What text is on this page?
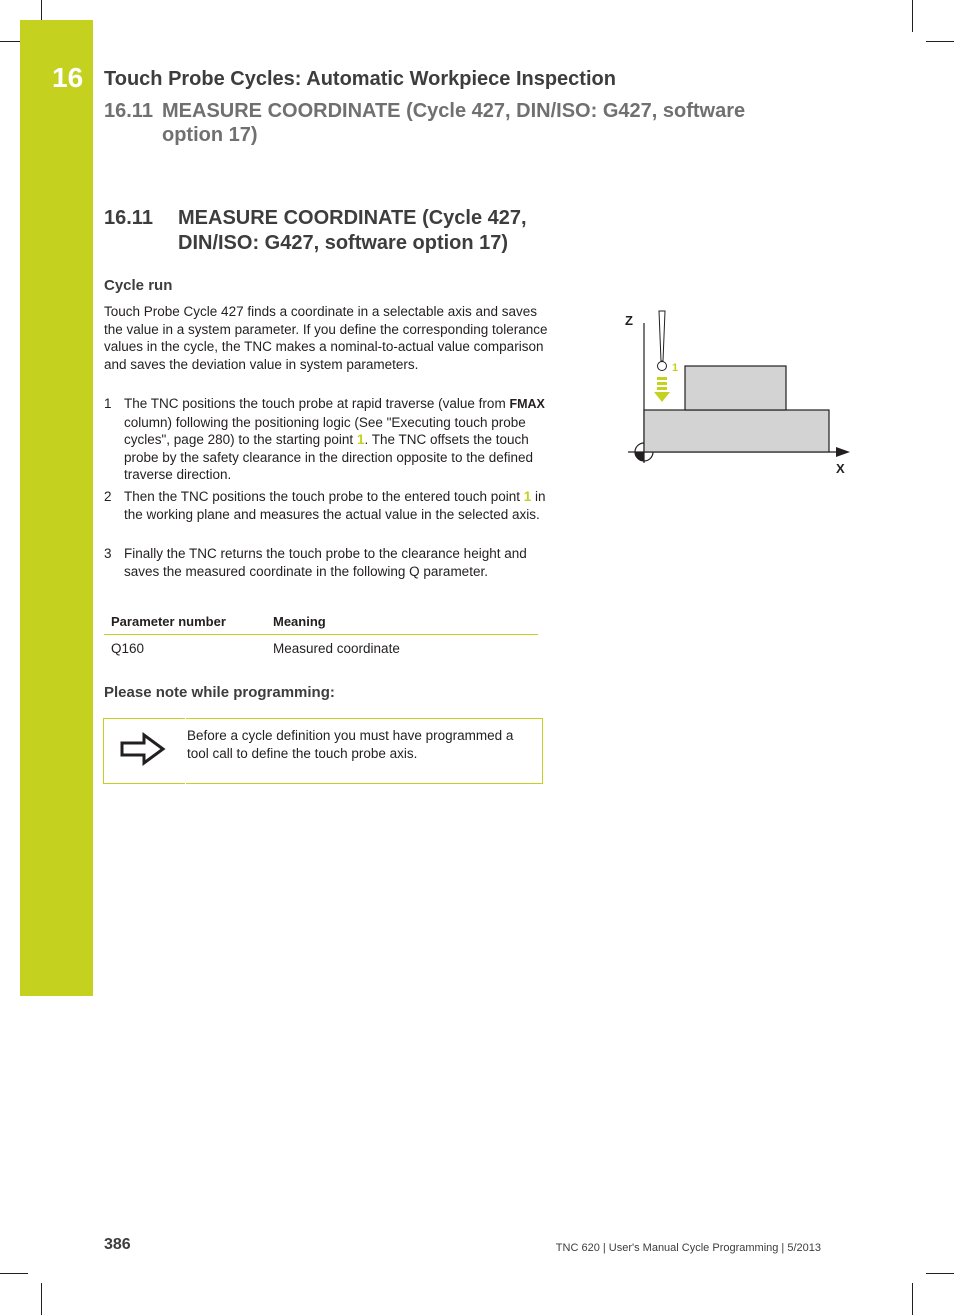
16 Touch Probe Cycles: Automatic Workpiece Inspection
16.11 MEASURE COORDINATE (Cycle 427, DIN/ISO: G427, software
option 17)
16.11 MEASURE COORDINATE (Cycle 427,
DIN/ISO: G427, software option 17)
Cycle run
Touch Probe Cycle 427 finds a coordinate in a selectable axis and saves the value in a system parameter. If you define the corresponding tolerance values in the cycle, the TNC makes a nominal-to-actual value comparison and saves the deviation value in system parameters.
1 The TNC positions the touch probe at rapid traverse (value from FMAX column) following the positioning logic (See "Executing touch probe cycles", page 280) to the starting point 1. The TNC offsets the touch probe by the safety clearance in the direction opposite to the defined traverse direction.
2 Then the TNC positions the touch probe to the entered touch point 1 in the working plane and measures the actual value in the selected axis.
3 Finally the TNC returns the touch probe to the clearance height and saves the measured coordinate in the following Q parameter.
Parameter number	Meaning
Q160	Measured coordinate
Please note while programming:
Before a cycle definition you must have programmed a tool call to define the touch probe axis.
Z
X
1
386	TNC 620 | User's Manual Cycle Programming | 5/2013
